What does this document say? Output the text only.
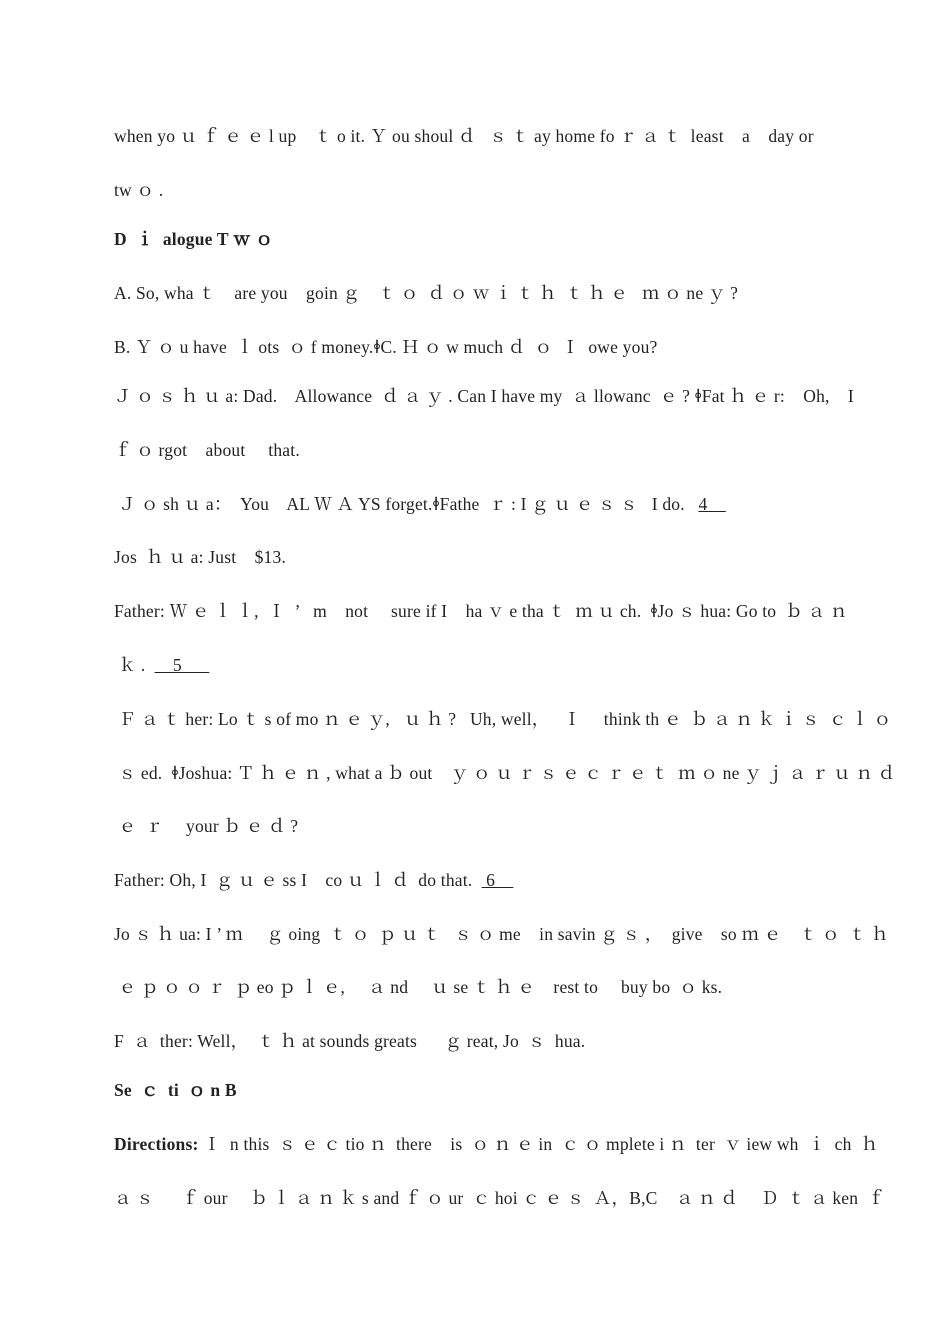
when yo ｕ ｆ ｅ ｅ l up    ｔ o it. Ｙ ou shoul ｄ   ｓ ｔ ay home fo ｒ ａ ｔ  least    a    day or
tw ｏ .
D  ｉ  alogue T ｗ ｏ
A. So, wha ｔ    are you    goin ｇ    ｔ ｏ  ｄ ｏ ｗ ｉ ｔ ｈ  ｔ ｈ ｅ   ｍ ｏ ne ｙ ?
B. Ｙ ｏ u have  ｌ ots  ｏ f money.ꬹC. Ｈ ｏ w much ｄ  ｏ  Ｉ  owe you?
Ｊ ｏ ｓ ｈ ｕ a: Dad.    Allowance  ｄ ａ ｙ . Can I have my  ａ llowanc  ｅ ? ꬹFat ｈ ｅ r:    Oh,    I
ｆ ｏ rgot    about     that.
Ｊ ｏ sh ｕ a：  You    AL Ｗ Ａ YS forget.ꬹFathe  ｒ : I ｇ ｕ ｅ ｓ ｓ   I do.   4
Jos  ｈ ｕ a: Just    $13.
Father: Ｗ ｅ ｌ ｌ,  Ｉ  ’   m    not     sure if I    ha ｖ e tha ｔ  ｍ ｕ ch.  ꬹJo ｓ hua: Go to  ｂ ａ ｎ
ｋ .      5
Ｆ ａ ｔ her: Lo ｔ s of mo ｎ ｅ ｙ,   ｕ ｈ ?   Uh, well，   Ｉ     think th ｅ  ｂ ａ ｎ ｋ ｉ ｓ  ｃ ｌ ｏ
ｓ ed.  ꬹJoshua: Ｔ ｈ ｅ ｎ , what a ｂ out    ｙ ｏ ｕ ｒ ｓ ｅ ｃ ｒ ｅ ｔ  ｍ ｏ ne ｙ ｊ ａ ｒ ｕ ｎ ｄ
ｅ  ｒ     your ｂ ｅ ｄ ?
Father: Oh, I  ｇ ｕ ｅ ss I    co ｕ ｌ ｄ  do that.   6
Jo ｓ ｈ ua: I ’ ｍ     ｇ oing  ｔ ｏ  ｐ ｕ ｔ   ｓ ｏ me    in savin ｇ ｓ ，  give    so ｍ ｅ    ｔ ｏ  ｔ ｈ
ｅ ｐ ｏ ｏ ｒ  ｐ eo ｐ ｌ ｅ,     ａ nd     ｕ se ｔ ｈ ｅ    rest to     buy bo  ｏ ks.
F  ａ  ther: Well，  ｔ ｈ at sounds greats      ｇ reat, Jo  ｓ  hua.
Se  ｃ  ti  ｏ n B
Directions: Ｉ  n this  ｓ ｅ ｃ tio ｎ  there    is  ｏ ｎ ｅ in  ｃ ｏ mplete i ｎ  ter  ｖ iew wh  ｉ  ch  ｈ
ａ ｓ      ｆ our     ｂ ｌ ａ ｎ ｋ s and ｆ ｏ ur  ｃ hoi ｃ ｅ ｓ  Ａ，B,C    ａ ｎ ｄ     Ｄ  ｔ ａ ken  ｆ
